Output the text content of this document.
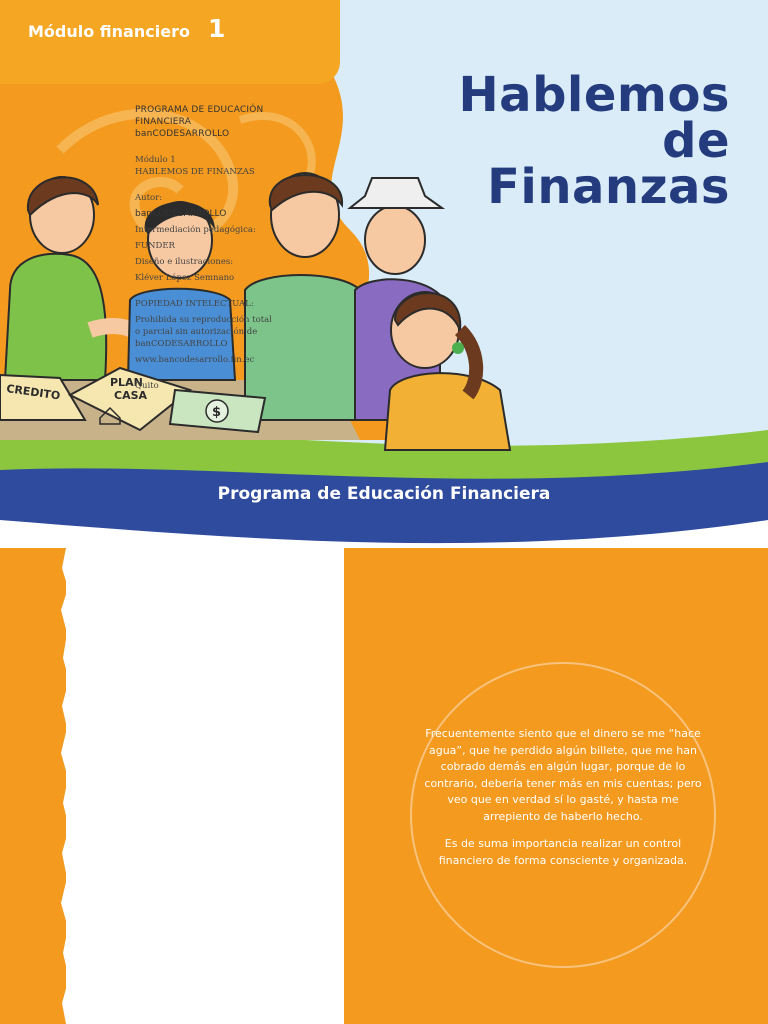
CREDITO	PLAN
CASA
$
Módulo financiero 1
Hablemos
de
Finanzas
Programa de Educación Financiera
PROGRAMA DE EDUCACIÓN
FINANCIERA
banCODESARROLLO
Módulo 1
HABLEMOS DE FINANZAS
Autor:
banCODESARROLLO
Intermediación pedagógica:
FUNDER
Diseño e ilustraciones:
Kléver López Semnano
POPIEDAD INTELECTUAL:
Prohibida su reproducción total
o parcial sin autorización de
banCODESARROLLO
www.bancodesarrollo.fin.ec
Quito

Frecuentemente siento que el dinero se me “hace agua”, que he perdido algún billete, que me han cobrado demás en algún lugar, porque de lo contrario, debería tener más en mis cuentas; pero veo que en verdad sí lo gasté, y hasta me arrepiento de haberlo hecho.

Es de suma importancia realizar un control financiero de forma consciente y organizada.
